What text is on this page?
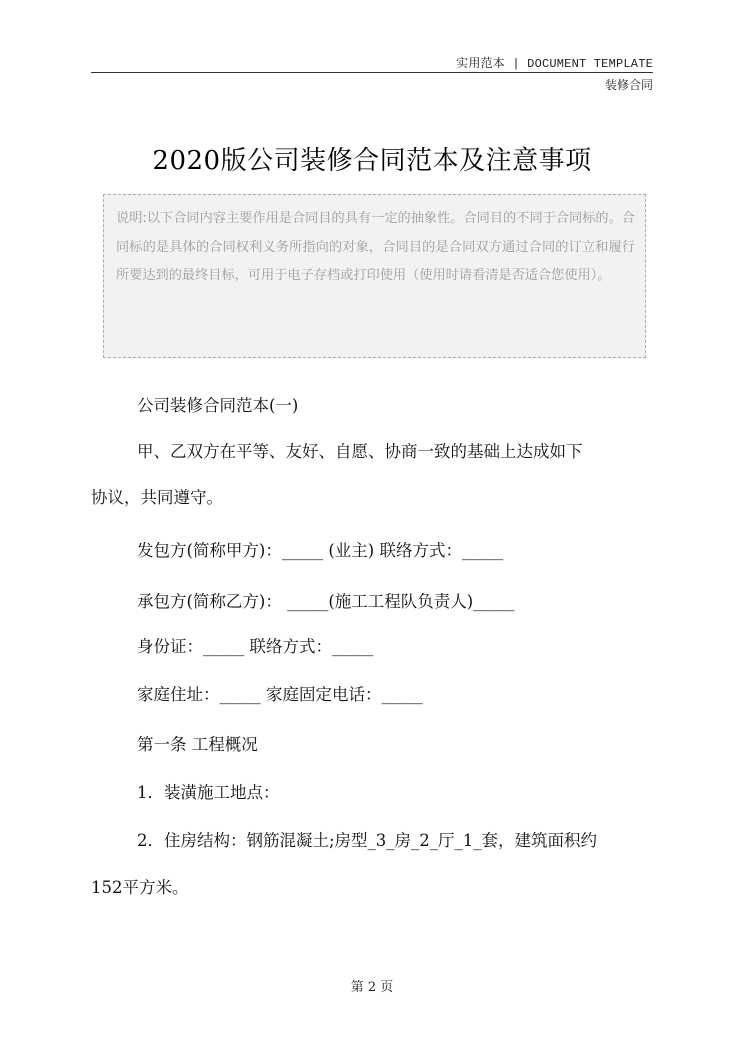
实用范本 | DOCUMENT TEMPLATE
装修合同
2020版公司装修合同范本及注意事项
说明:以下合同内容主要作用是合同目的具有一定的抽象性。合同目的不同于合同标的。合同标的是具体的合同权利义务所指向的对象，合同目的是合同双方通过合同的订立和履行所要达到的最终目标，可用于电子存档或打印使用（使用时请看清是否适合您使用）。
公司装修合同范本(一)
甲、乙双方在平等、友好、自愿、协商一致的基础上达成如下
协议，共同遵守。
发包方(简称甲方)：_____ (业主) 联络方式：_____
承包方(简称乙方)： _____(施工工程队负责人)_____
身份证：_____ 联络方式：_____
家庭住址：_____ 家庭固定电话：_____
第一条 工程概况
1．装潢施工地点：
2．住房结构：钢筋混凝土;房型_3_房_2_厅_1_套，建筑面积约
152平方米。
第 2 页
